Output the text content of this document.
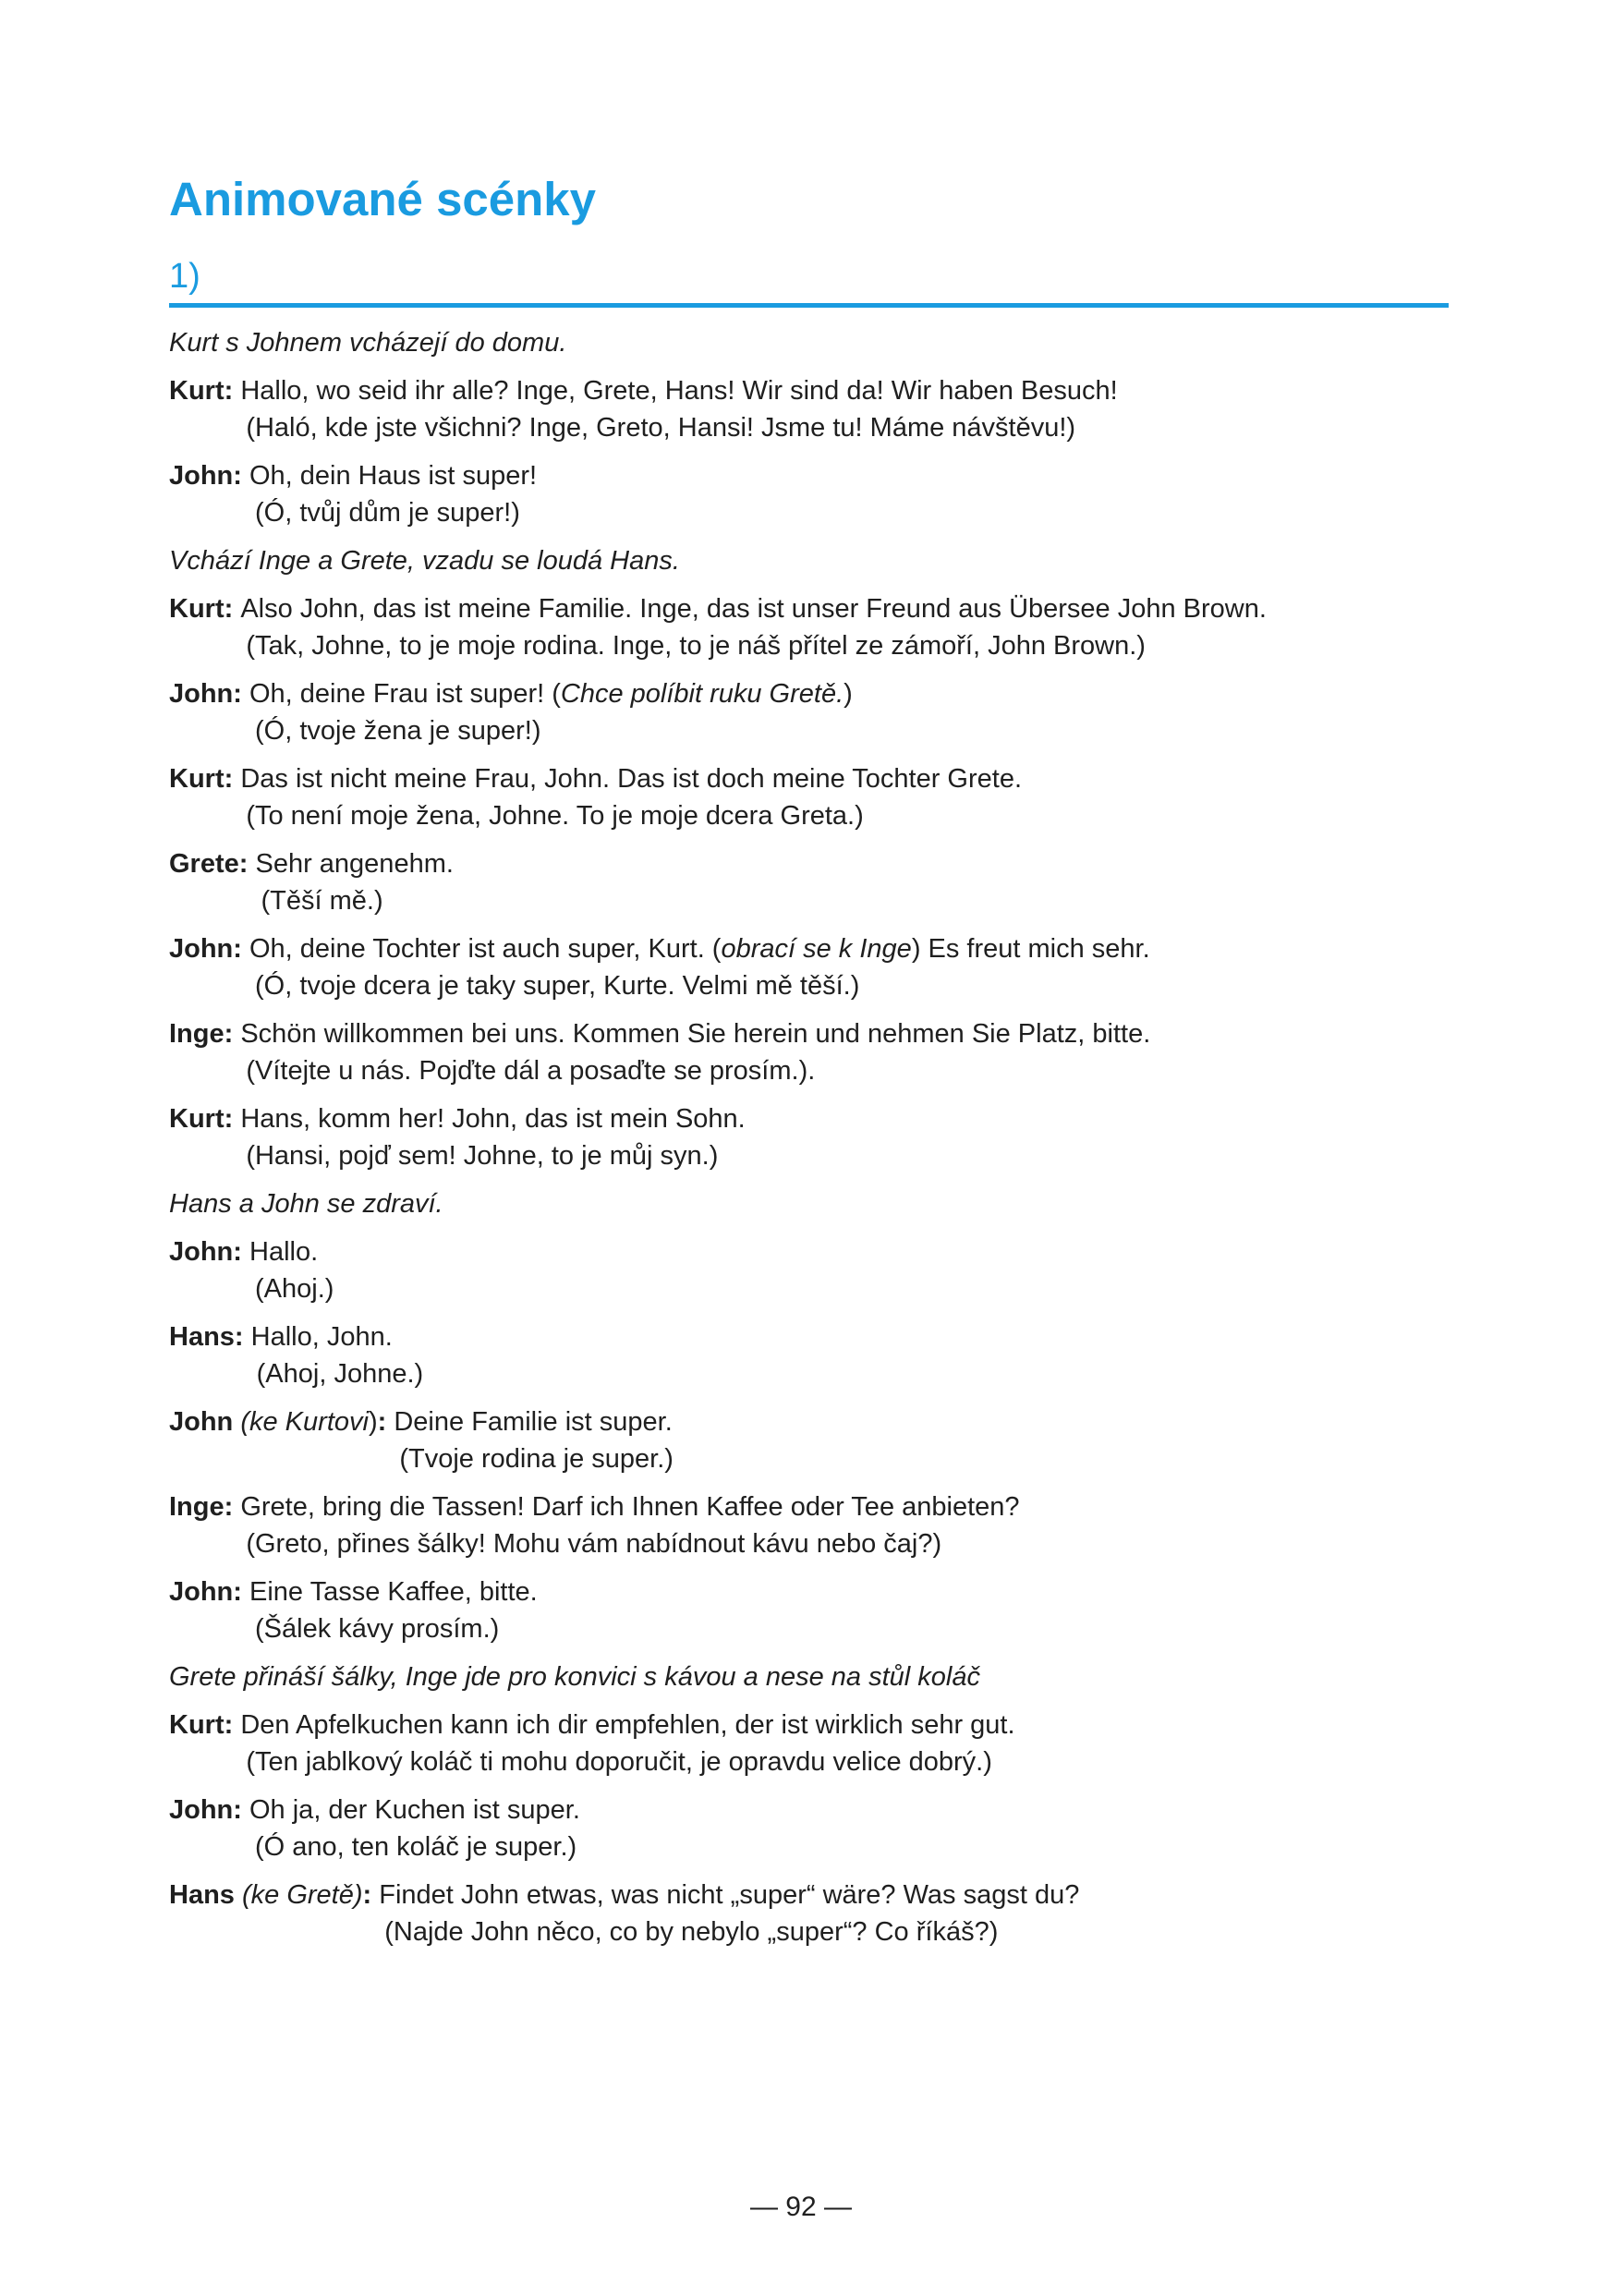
Animované scénky
1)

Kurt s Johnem vcházejí do domu.

Kurt:
Hallo, wo seid ihr alle? Inge, Grete, Hans! Wir sind da! Wir haben Besuch!
(Haló, kde jste všichni? Inge, Greto, Hansi! Jsme tu! Máme návštěvu!)
John:
Oh, dein Haus ist super!
(Ó, tvůj dům je super!)

Vchází Inge a Grete, vzadu se loudá Hans.

Kurt:
Also John, das ist meine Familie. Inge, das ist unser Freund aus Übersee John Brown.
(Tak, Johne, to je moje rodina. Inge, to je náš přítel ze zámoří, John Brown.)
John:
Oh, deine Frau ist super! (Chce políbit ruku Gretě.)
(Ó, tvoje žena je super!)
Kurt:
Das ist nicht meine Frau, John. Das ist doch meine Tochter Grete.
(To není moje žena, Johne. To je moje dcera Greta.)
Grete:
Sehr angenehm.
(Těší mě.)
John:
Oh, deine Tochter ist auch super, Kurt. (obrací se k Inge) Es freut mich sehr.
(Ó, tvoje dcera je taky super, Kurte. Velmi mě těší.)
Inge:
Schön willkommen bei uns. Kommen Sie herein und nehmen Sie Platz, bitte.
(Vítejte u nás. Pojďte dál a posaďte se prosím.).
Kurt:
Hans, komm her! John, das ist mein Sohn.
(Hansi, pojď sem! Johne, to je můj syn.)

Hans a John se zdraví.

John:
Hallo.
(Ahoj.)
Hans:
Hallo, John.
(Ahoj, Johne.)
John (ke Kurtovi):
Deine Familie ist super.
(Tvoje rodina je super.)
Inge:
Grete, bring die Tassen! Darf ich Ihnen Kaffee oder Tee anbieten?
(Greto, přines šálky! Mohu vám nabídnout kávu nebo čaj?)
John:
Eine Tasse Kaffee, bitte.
(Šálek kávy prosím.)

Grete přináší šálky, Inge jde pro konvici s kávou a nese na stůl koláč

Kurt:
Den Apfelkuchen kann ich dir empfehlen, der ist wirklich sehr gut.
(Ten jablkový koláč ti mohu doporučit, je opravdu velice dobrý.)
John:
Oh ja, der Kuchen ist super.
(Ó ano, ten koláč je super.)
Hans (ke Gretě):
Findet John etwas, was nicht „super“ wäre? Was sagst du?
(Najde John něco, co by nebylo „super“? Co říkáš?)
— 92 —
